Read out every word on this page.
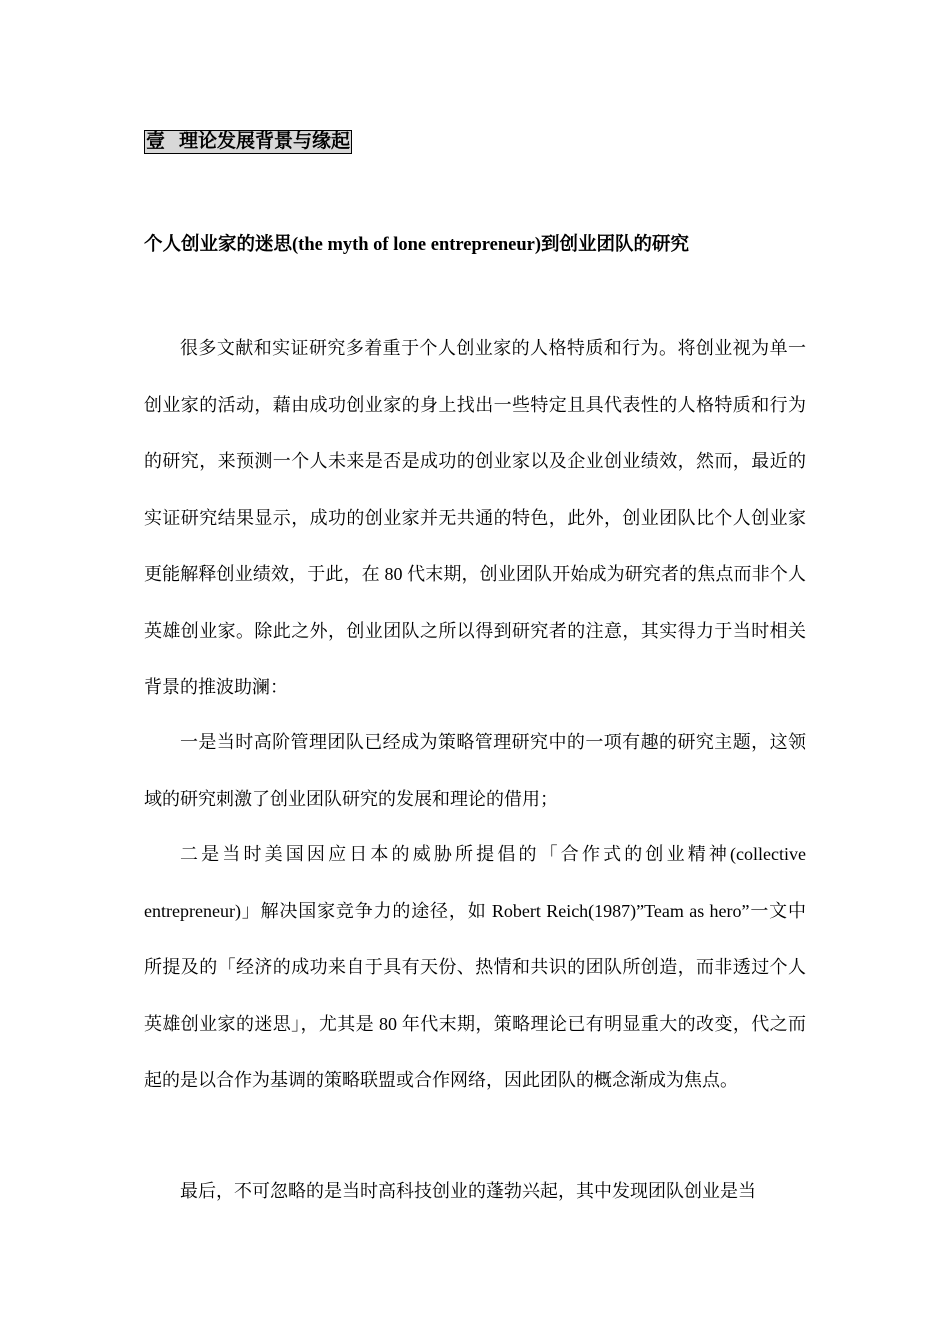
壹 理论发展背景与缘起
个人创业家的迷思(the myth of lone entrepreneur)到创业团队的研究

很多文献和实证研究多着重于个人创业家的人格特质和行为。将创业视为单一创业家的活动，藉由成功创业家的身上找出一些特定且具代表性的人格特质和行为的研究，来预测一个人未来是否是成功的创业家以及企业创业绩效，然而，最近的实证研究结果显示，成功的创业家并无共通的特色，此外，创业团队比个人创业家更能解释创业绩效，于此，在 80 代末期，创业团队开始成为研究者的焦点而非个人英雄创业家。除此之外，创业团队之所以得到研究者的注意，其实得力于当时相关背景的推波助澜：

一是当时高阶管理团队已经成为策略管理研究中的一项有趣的研究主题，这领域的研究刺激了创业团队研究的发展和理论的借用；

二是当时美国因应日本的威胁所提倡的「合作式的创业精神(collective entrepreneur)」解决国家竞争力的途径，如 Robert Reich(1987)”Team as hero”一文中所提及的「经济的成功来自于具有天份、热情和共识的团队所创造，而非透过个人英雄创业家的迷思」，尤其是 80 年代末期，策略理论已有明显重大的改变，代之而起的是以合作为基调的策略联盟或合作网络，因此团队的概念渐成为焦点。

最后，不可忽略的是当时高科技创业的蓬勃兴起，其中发现团队创业是当
